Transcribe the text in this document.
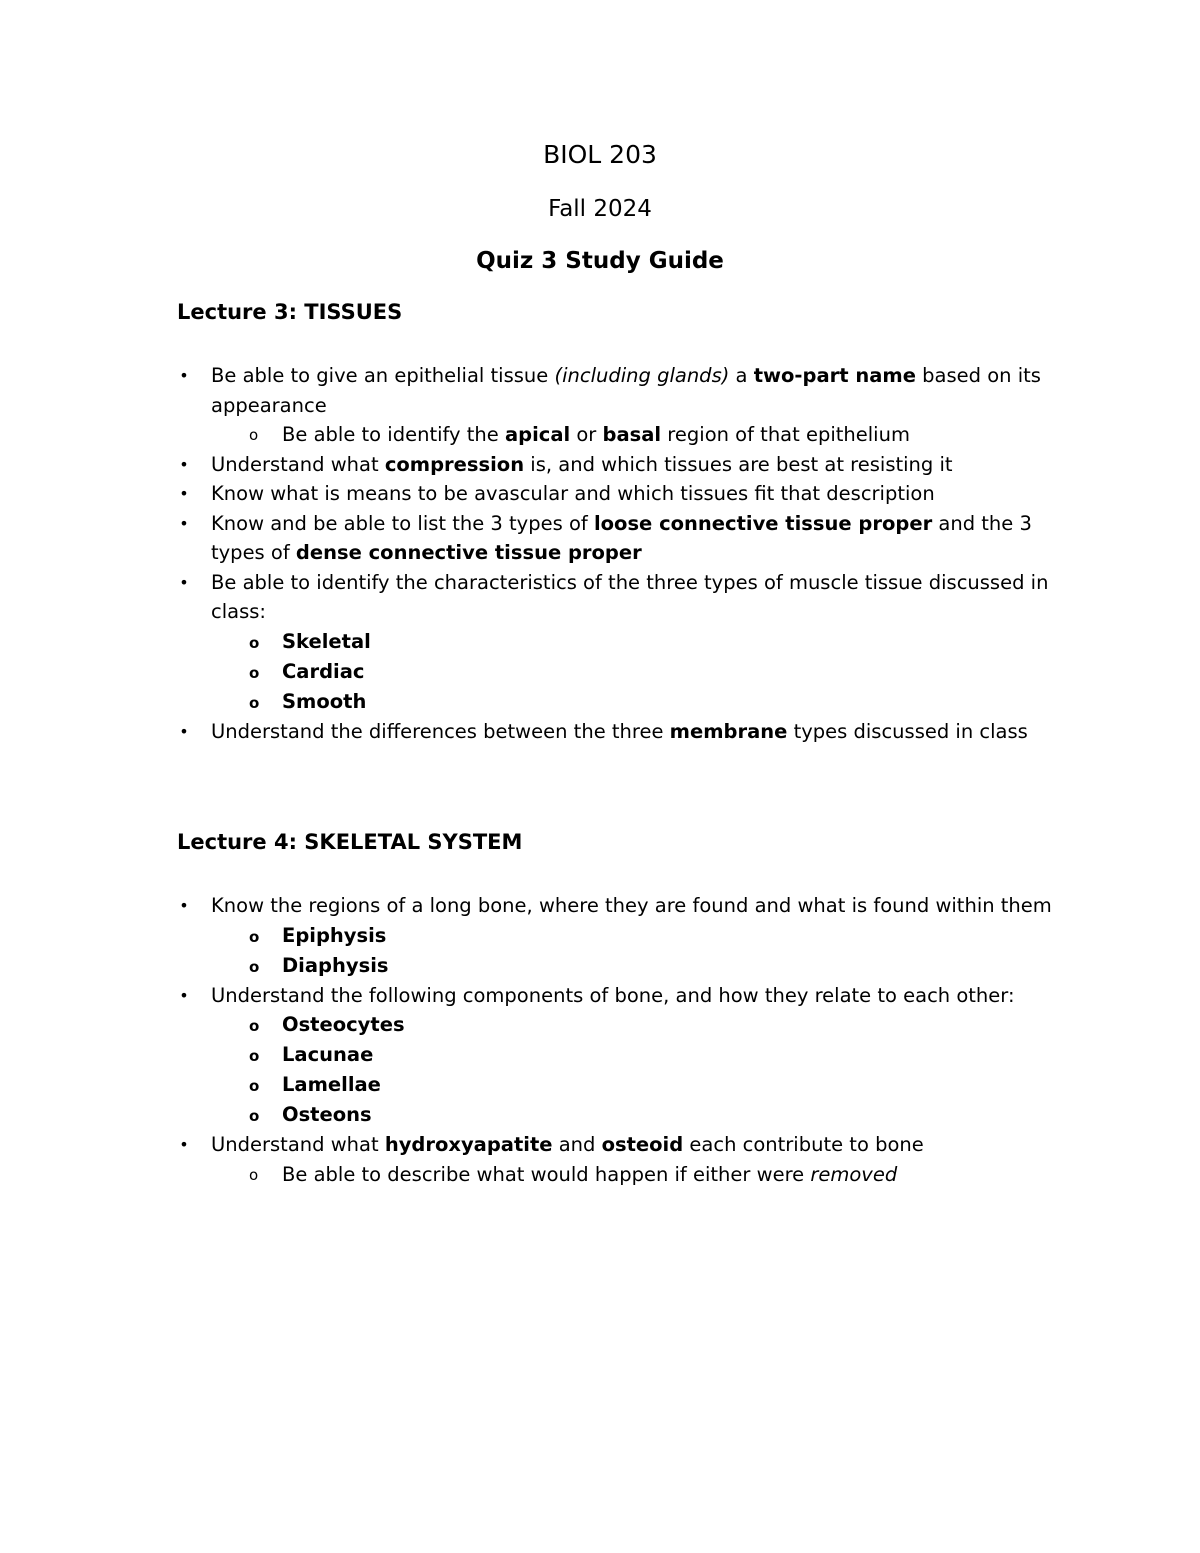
BIOL 203
Fall 2024
Quiz 3 Study Guide
Lecture 3: TISSUES
• Be able to give an epithelial tissue (including glands) a two-part name based on its appearance
o Be able to identify the apical or basal region of that epithelium
• Understand what compression is, and which tissues are best at resisting it
• Know what is means to be avascular and which tissues fit that description
• Know and be able to list the 3 types of loose connective tissue proper and the 3 types of dense connective tissue proper
• Be able to identify the characteristics of the three types of muscle tissue discussed in class:
o Skeletal
o Cardiac
o Smooth
• Understand the differences between the three membrane types discussed in class
Lecture 4: SKELETAL SYSTEM
• Know the regions of a long bone, where they are found and what is found within them
o Epiphysis
o Diaphysis
• Understand the following components of bone, and how they relate to each other:
o Osteocytes
o Lacunae
o Lamellae
o Osteons
• Understand what hydroxyapatite and osteoid each contribute to bone
o Be able to describe what would happen if either were removed
